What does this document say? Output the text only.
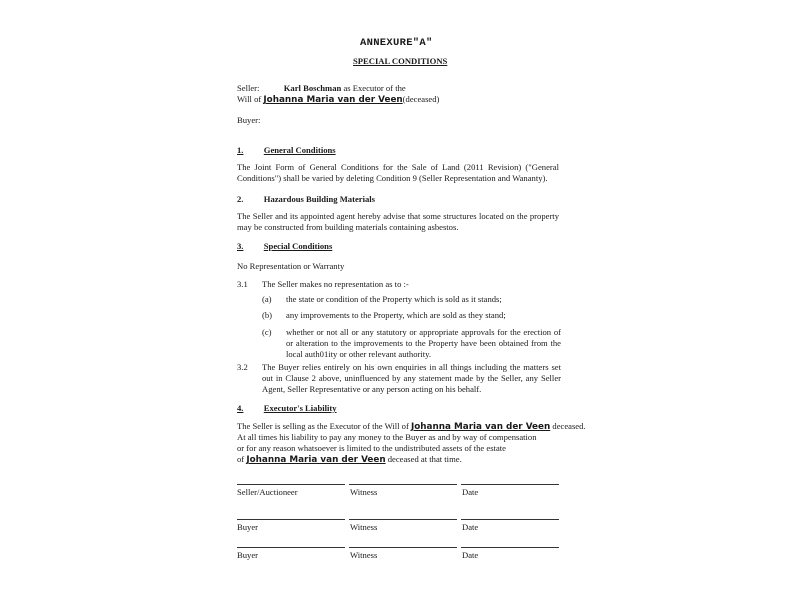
ANNEXURE"A"
SPECIAL CONDITIONS
Seller:	Karl Boschman as Executor of the
Will of Johanna Maria van der Veen(deceased)
Buyer:
1. General Conditions
The Joint Form of General Conditions for the Sale of Land (2011 Revision) ("General Conditions") shall be varied by deleting Condition 9 (Seller Representation and Wananty).
2. Hazardous Building Materials
The Seller and its appointed agent hereby advise that some structures located on the property may be constructed from building materials containing asbestos.
3. Special Conditions
No Representation or Warranty
3.1 The Seller makes no representation as to :-
(a) the state or condition of the Property which is sold as it stands;
(b) any improvements to the Property, which are sold as they stand;
(c) whether or not all or any statutory or appropriate approvals for the erection of or alteration to the improvements to the Property have been obtained from the local auth01ity or other relevant authority.
3.2 The Buyer relies entirely on his own enquiries in all things including the matters set out in Clause 2 above, uninfluenced by any statement made by the Seller, any Seller Agent, Seller Representative or any person acting on his behalf.
4. Executor's Liability
The Seller is selling as the Executor of the Will of Johanna Maria van der Veen deceased.
At all times his liability to pay any money to the Buyer as and by way of compensation
or for any reason whatsoever is limited to the undistributed assets of the estate
of Johanna Maria van der Veen deceased at that time.
Seller/Auctioneer	Witness	Date
Buyer	Witness	Date
Buyer	Witness	Date
